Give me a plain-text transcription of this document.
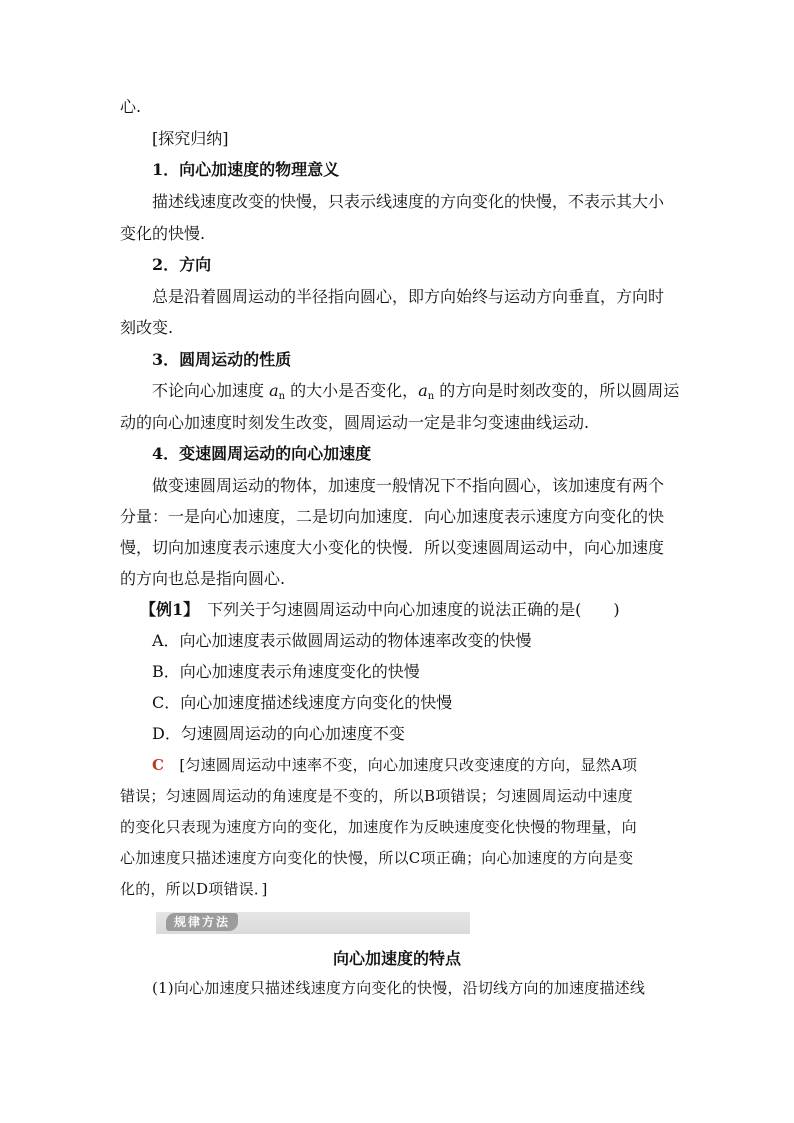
心.
[探究归纳]
1．向心加速度的物理意义
描述线速度改变的快慢，只表示线速度的方向变化的快慢，不表示其大小
变化的快慢.
2．方向
总是沿着圆周运动的半径指向圆心，即方向始终与运动方向垂直，方向时
刻改变.
3．圆周运动的性质
不论向心加速度 $a_n$ 的大小是否变化，$a_n$ 的方向是时刻改变的，所以圆周运
动的向心加速度时刻发生改变，圆周运动一定是非匀变速曲线运动.
4．变速圆周运动的向心加速度
做变速圆周运动的物体，加速度一般情况下不指向圆心，该加速度有两个
分量：一是向心加速度，二是切向加速度．向心加速度表示速度方向变化的快
慢，切向加速度表示速度大小变化的快慢．所以变速圆周运动中，向心加速度
的方向也总是指向圆心.
【例1】　下列关于匀速圆周运动中向心加速度的说法正确的是(　　)
A．向心加速度表示做圆周运动的物体速率改变的快慢
B．向心加速度表示角速度变化的快慢
C．向心加速度描述线速度方向变化的快慢
D．匀速圆周运动的向心加速度不变
C　[匀速圆周运动中速率不变，向心加速度只改变速度的方向，显然A项
错误；匀速圆周运动的角速度是不变的，所以B项错误；匀速圆周运动中速度
的变化只表现为速度方向的变化，加速度作为反映速度变化快慢的物理量，向
心加速度只描述速度方向变化的快慢，所以C项正确；向心加速度的方向是变
化的，所以D项错误．]
规律方法
向心加速度的特点
(1)向心加速度只描述线速度方向变化的快慢，沿切线方向的加速度描述线
